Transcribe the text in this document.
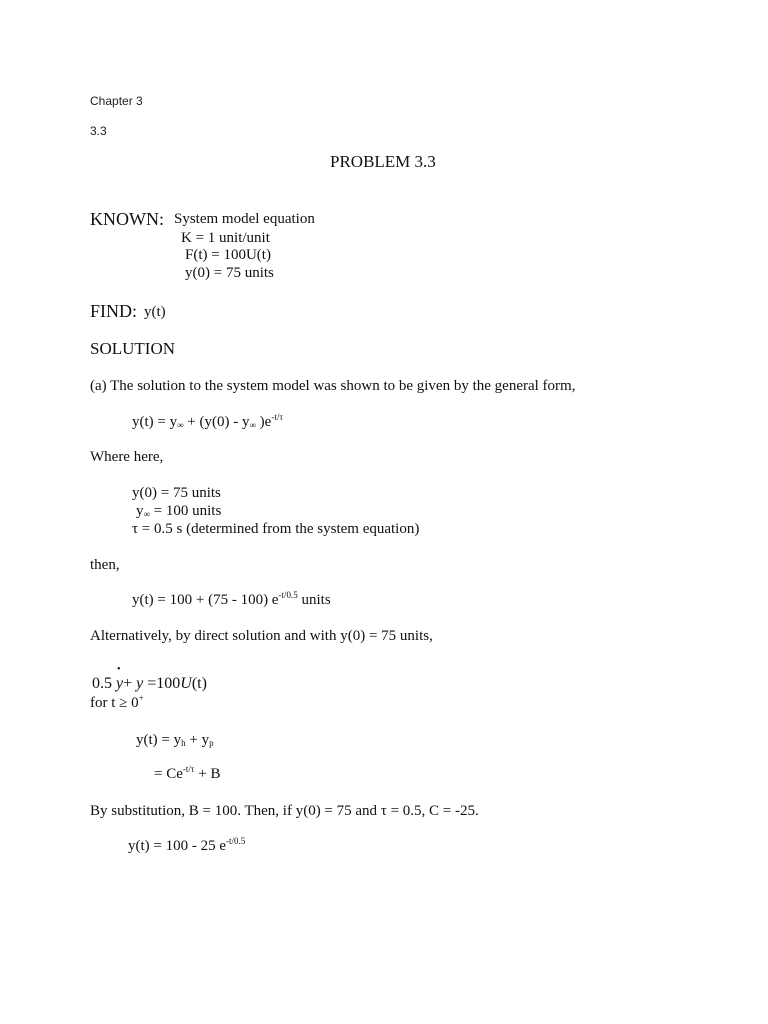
Chapter 3
3.3
PROBLEM 3.3
KNOWN: System model equation
K = 1 unit/unit
F(t) = 100U(t)
y(0) = 75 units
FIND: y(t)
SOLUTION
(a) The solution to the system model was shown to be given by the general form,
$y(t) = y_\infty + (y(0) - y_\infty$ )$e^{-t/\tau}$
Where here,
y(0) = 75 units
$y_\infty = 100$ units
τ = 0.5 s (determined from the system equation)
then,
y(t) = 100 + (75 - 100) $e^{-t/0.5}$ units
Alternatively, by direct solution and with y(0) = 75 units,
0.5 y
•
+ y =100U(t)
for t ≥ 0+
$y(t) = y_h + y_p$
= $Ce^{-t/\tau} + B$
By substitution, B = 100. Then, if y(0) = 75 and τ = 0.5, C = -25.
y(t) = 100 - 25 $e^{-t/0.5}$
